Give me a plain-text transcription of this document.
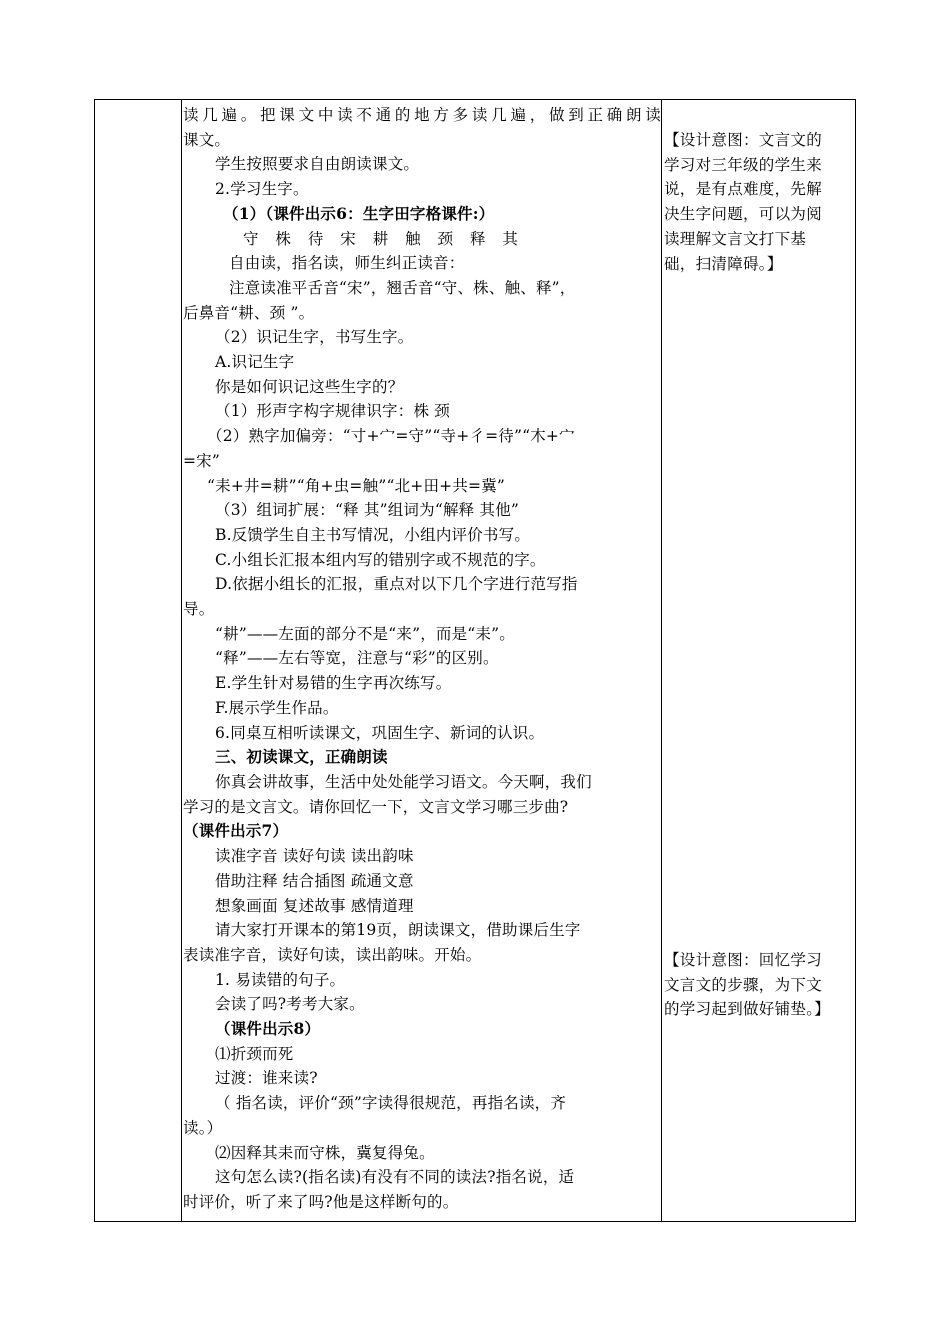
读几遍。把课文中读不通的地方多读几遍，做到正确朗读
课文。
学生按照要求自由朗读课文。
2.学习生字。
（1）（课件出示6：生字田字格课件:）
守 株 待 宋 耕 触 颈 释 其
自由读，指名读，师生纠正读音：
注意读准平舌音“宋”，翘舌音“守、株、触、释”，
后鼻音“耕、颈 ”。
（2）识记生字，书写生字。
A.识记生字
你是如何识记这些生字的？
（1）形声字构字规律识字：株 颈
（2）熟字加偏旁：“寸+宀=守”“寺+彳=待”“木+宀
=宋”
“耒+井=耕”“角+虫=触”“北+田+共=冀”
（3）组词扩展：“释 其”组词为“解释 其他”
B.反馈学生自主书写情况，小组内评价书写。
C.小组长汇报本组内写的错别字或不规范的字。
D.依据小组长的汇报，重点对以下几个字进行范写指
导。
“耕”——左面的部分不是“来”，而是“耒”。
“释”——左右等宽，注意与“彩”的区别。
E.学生针对易错的生字再次练写。
F.展示学生作品。
6.同桌互相听读课文，巩固生字、新词的认识。
三、初读课文，正确朗读
你真会讲故事，生活中处处能学习语文。今天啊，我们
学习的是文言文。请你回忆一下，文言文学习哪三步曲?
（课件出示7）
读准字音 读好句读 读出韵味
借助注释 结合插图 疏通文意
想象画面 复述故事 感情道理
请大家打开课本的第19页，朗读课文，借助课后生字
表读准字音，读好句读，读出韵味。开始。
1. 易读错的句子。
会读了吗?考考大家。
（课件出示8）
⑴折颈而死
过渡：谁来读?
（ 指名读，评价“颈”字读得很规范，再指名读，齐
读。）
⑵因释其耒而守株，冀复得兔。
这句怎么读?(指名读)有没有不同的读法?指名说，适
时评价，听了来了吗?他是这样断句的。
【设计意图：文言文的
学习对三年级的学生来
说，是有点难度，先解
决生字问题，可以为阅
读理解文言文打下基
础，扫清障碍。】
【设计意图：回忆学习
文言文的步骤，为下文
的学习起到做好铺垫。】
